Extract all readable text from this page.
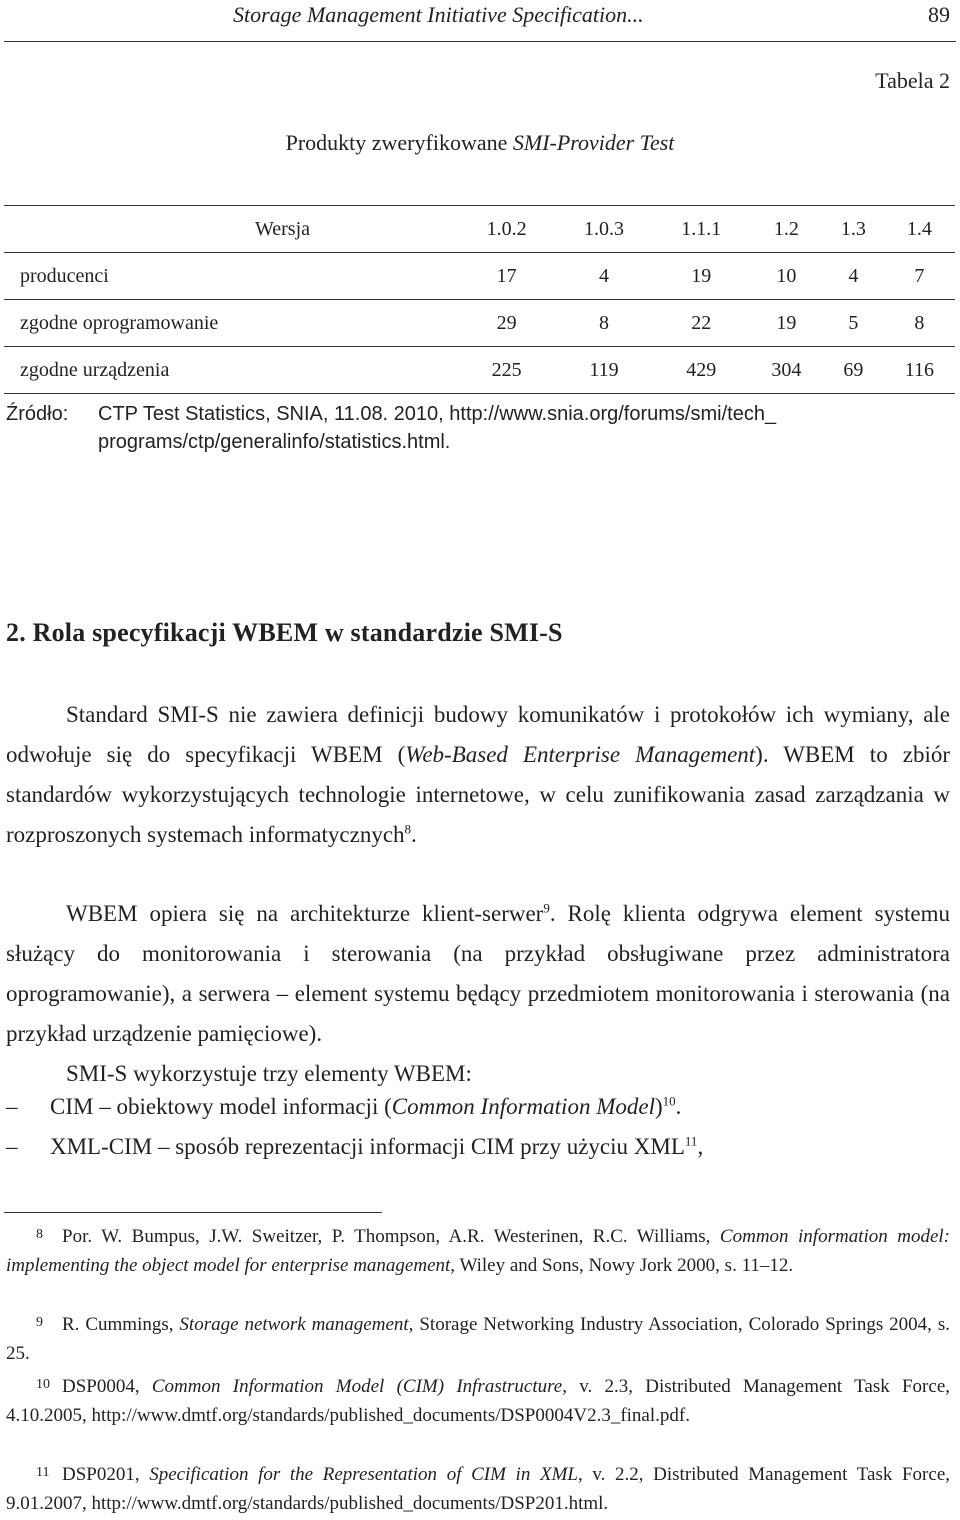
Storage Management Initiative Specification...	89
Tabela 2
Produkty zweryfikowane SMI-Provider Test
Wersja	1.0.2	1.0.3	1.1.1	1.2	1.3	1.4
producenci	17	4	19	10	4	7
zgodne oprogramowanie	29	8	22	19	5	8
zgodne urządzenia	225	119	429	304	69	116
Źródło: CTP Test Statistics, SNIA, 11.08. 2010, http://www.snia.org/forums/smi/tech_
programs/ctp/generalinfo/statistics.html.
2. Rola specyfikacji WBEM w standardzie SMI-S
Standard SMI-S nie zawiera definicji budowy komunikatów i protokołów ich wymiany, ale odwołuje się do specyfikacji WBEM (Web-Based Enterprise Management). WBEM to zbiór standardów wykorzystujących technologie internetowe, w celu zunifikowania zasad zarządzania w rozproszonych systemach informatycznych$^8$.
WBEM opiera się na architekturze klient-serwer$^9$. Rolę klienta odgrywa element systemu służący do monitorowania i sterowania (na przykład obsługiwane przez administratora oprogramowanie), a serwera – element systemu będący przedmiotem monitorowania i sterowania (na przykład urządzenie pamięciowe).
SMI-S wykorzystuje trzy elementy WBEM:
– CIM – obiektowy model informacji (Common Information Model)$^{10}$.
– XML-CIM – sposób reprezentacji informacji CIM przy użyciu XML$^{11}$,
8 Por. W. Bumpus, J.W. Sweitzer, P. Thompson, A.R. Westerinen, R.C. Williams, Common information model: implementing the object model for enterprise management, Wiley and Sons, Nowy Jork 2000, s. 11–12.
9 R. Cummings, Storage network management, Storage Networking Industry Association, Colorado Springs 2004, s. 25.
10 DSP0004, Common Information Model (CIM) Infrastructure, v. 2.3, Distributed Management Task Force, 4.10.2005, http://www.dmtf.org/standards/published_documents/DSP0004V2.3_final.pdf.
11 DSP0201, Specification for the Representation of CIM in XML, v. 2.2, Distributed Management Task Force, 9.01.2007, http://www.dmtf.org/standards/published_documents/DSP201.html.
